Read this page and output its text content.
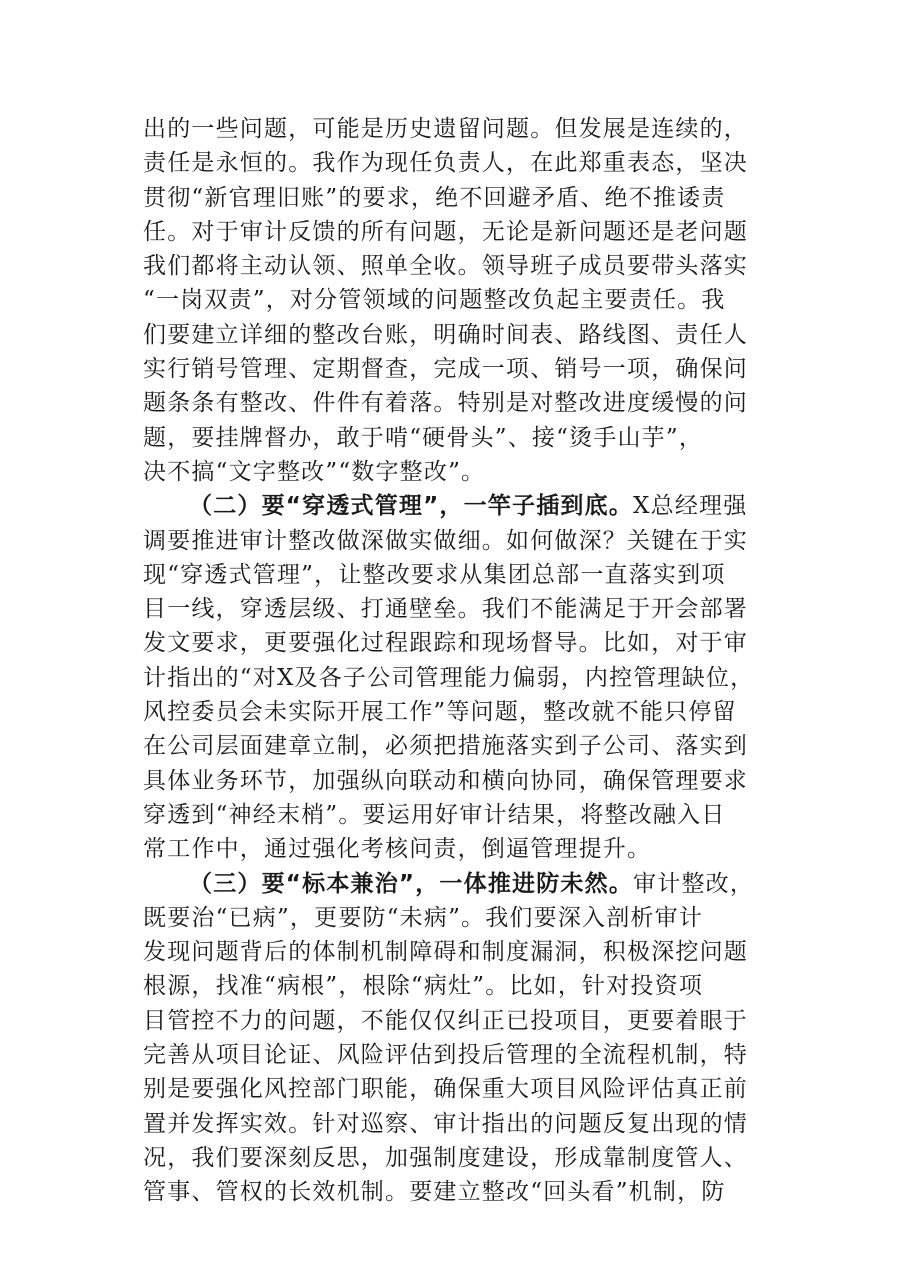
出的一些问题，可能是历史遗留问题。但发展是连续的，
责任是永恒的。我作为现任负责人，在此郑重表态，坚决
贯彻“新官理旧账”的要求，绝不回避矛盾、绝不推诿责
任。对于审计反馈的所有问题，无论是新问题还是老问题
我们都将主动认领、照单全收。领导班子成员要带头落实
“一岗双责”，对分管领域的问题整改负起主要责任。我
们要建立详细的整改台账，明确时间表、路线图、责任人
实行销号管理、定期督查，完成一项、销号一项，确保问
题条条有整改、件件有着落。特别是对整改进度缓慢的问
题，要挂牌督办，敢于啃“硬骨头”、接“烫手山芋”，
决不搞“文字整改”“数字整改”。
（二）要“穿透式管理”，一竿子插到底。X总经理强
调要推进审计整改做深做实做细。如何做深？关键在于实
现“穿透式管理”，让整改要求从集团总部一直落实到项
目一线，穿透层级、打通壁垒。我们不能满足于开会部署
发文要求，更要强化过程跟踪和现场督导。比如，对于审
计指出的“对X及各子公司管理能力偏弱，内控管理缺位，
风控委员会未实际开展工作”等问题，整改就不能只停留
在公司层面建章立制，必须把措施落实到子公司、落实到
具体业务环节，加强纵向联动和横向协同，确保管理要求
穿透到“神经末梢”。要运用好审计结果，将整改融入日
常工作中，通过强化考核问责，倒逼管理提升。
（三）要“标本兼治”，一体推进防未然。审计整改，
既要治“已病”，更要防“未病”。我们要深入剖析审计
发现问题背后的体制机制障碍和制度漏洞，积极深挖问题
根源，找准“病根”，根除“病灶”。比如，针对投资项
目管控不力的问题，不能仅仅纠正已投项目，更要着眼于
完善从项目论证、风险评估到投后管理的全流程机制，特
别是要强化风控部门职能，确保重大项目风险评估真正前
置并发挥实效。针对巡察、审计指出的问题反复出现的情
况，我们要深刻反思，加强制度建设，形成靠制度管人、
管事、管权的长效机制。要建立整改“回头看”机制，防
